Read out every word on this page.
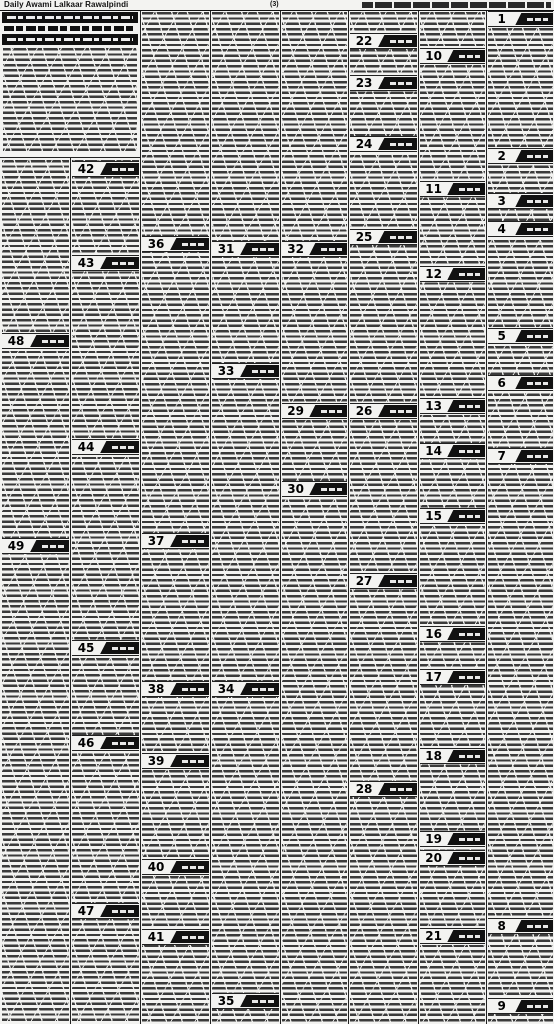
Daily Awami Lalkaar Rawalpindi	(3)
1
2
3
4
5
6
7
8
9
10
11
12
13
14
15
16
17
18
19
20
21
22
23
24
25
26
27
28
29
30
31	32
33
34
35
36
37
38
39
40
41
42
43
44
45
46
47
48
49
